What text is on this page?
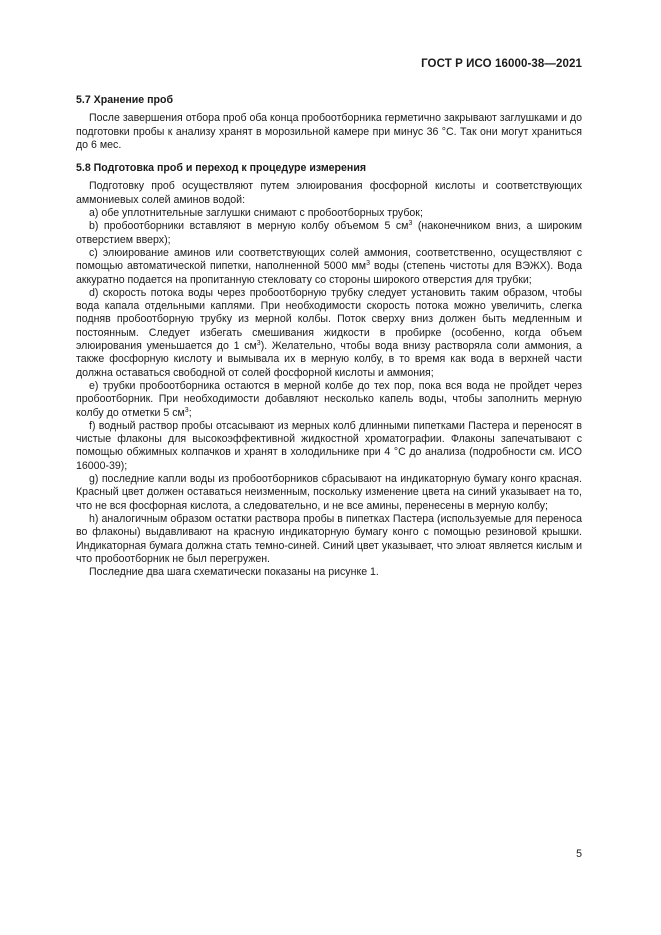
ГОСТ Р ИСО 16000-38—2021
5.7 Хранение проб

После завершения отбора проб оба конца пробоотборника герметично закрывают заглушками и до подготовки пробы к анализу хранят в морозильной камере при минус 36 °C. Так они могут храниться до 6 мес.

5.8 Подготовка проб и переход к процедуре измерения

Подготовку проб осуществляют путем элюирования фосфорной кислоты и соответствующих аммониевых солей аминов водой:

а) обе уплотнительные заглушки снимают с пробоотборных трубок;

b) пробоотборники вставляют в мерную колбу объемом 5 $см^3$ (наконечником вниз, а широким отверстием вверх);

с) элюирование аминов или соответствующих солей аммония, соответственно, осуществляют с помощью автоматической пипетки, наполненной 5000 $мм^3$ воды (степень чистоты для ВЭЖХ). Вода аккуратно подается на пропитанную стекловату со стороны широкого отверстия для трубки;

d) скорость потока воды через пробоотборную трубку следует установить таким образом, чтобы вода капала отдельными каплями. При необходимости скорость потока можно увеличить, слегка подняв пробоотборную трубку из мерной колбы. Поток сверху вниз должен быть медленным и постоянным. Следует избегать смешивания жидкости в пробирке (особенно, когда объем элюирования уменьшается до 1 $см^3$). Желательно, чтобы вода внизу растворяла соли аммония, а также фосфорную кислоту и вымывала их в мерную колбу, в то время как вода в верхней части должна оставаться свободной от солей фосфорной кислоты и аммония;

е) трубки пробоотборника остаются в мерной колбе до тех пор, пока вся вода не пройдет через пробоотборник. При необходимости добавляют несколько капель воды, чтобы заполнить мерную колбу до отметки 5 $см^3$;

f) водный раствор пробы отсасывают из мерных колб длинными пипетками Пастера и переносят в чистые флаконы для высокоэффективной жидкостной хроматографии. Флаконы запечатывают с помощью обжимных колпачков и хранят в холодильнике при 4 °C до анализа (подробности см. ИСО 16000-39);

g) последние капли воды из пробоотборников сбрасывают на индикаторную бумагу конго красная. Красный цвет должен оставаться неизменным, поскольку изменение цвета на синий указывает на то, что не вся фосфорная кислота, а следовательно, и не все амины, перенесены в мерную колбу;

h) аналогичным образом остатки раствора пробы в пипетках Пастера (используемые для переноса во флаконы) выдавливают на красную индикаторную бумагу конго с помощью резиновой крышки. Индикаторная бумага должна стать темно-синей. Синий цвет указывает, что элюат является кислым и что пробоотборник не был перегружен.

Последние два шага схематически показаны на рисунке 1.

5
